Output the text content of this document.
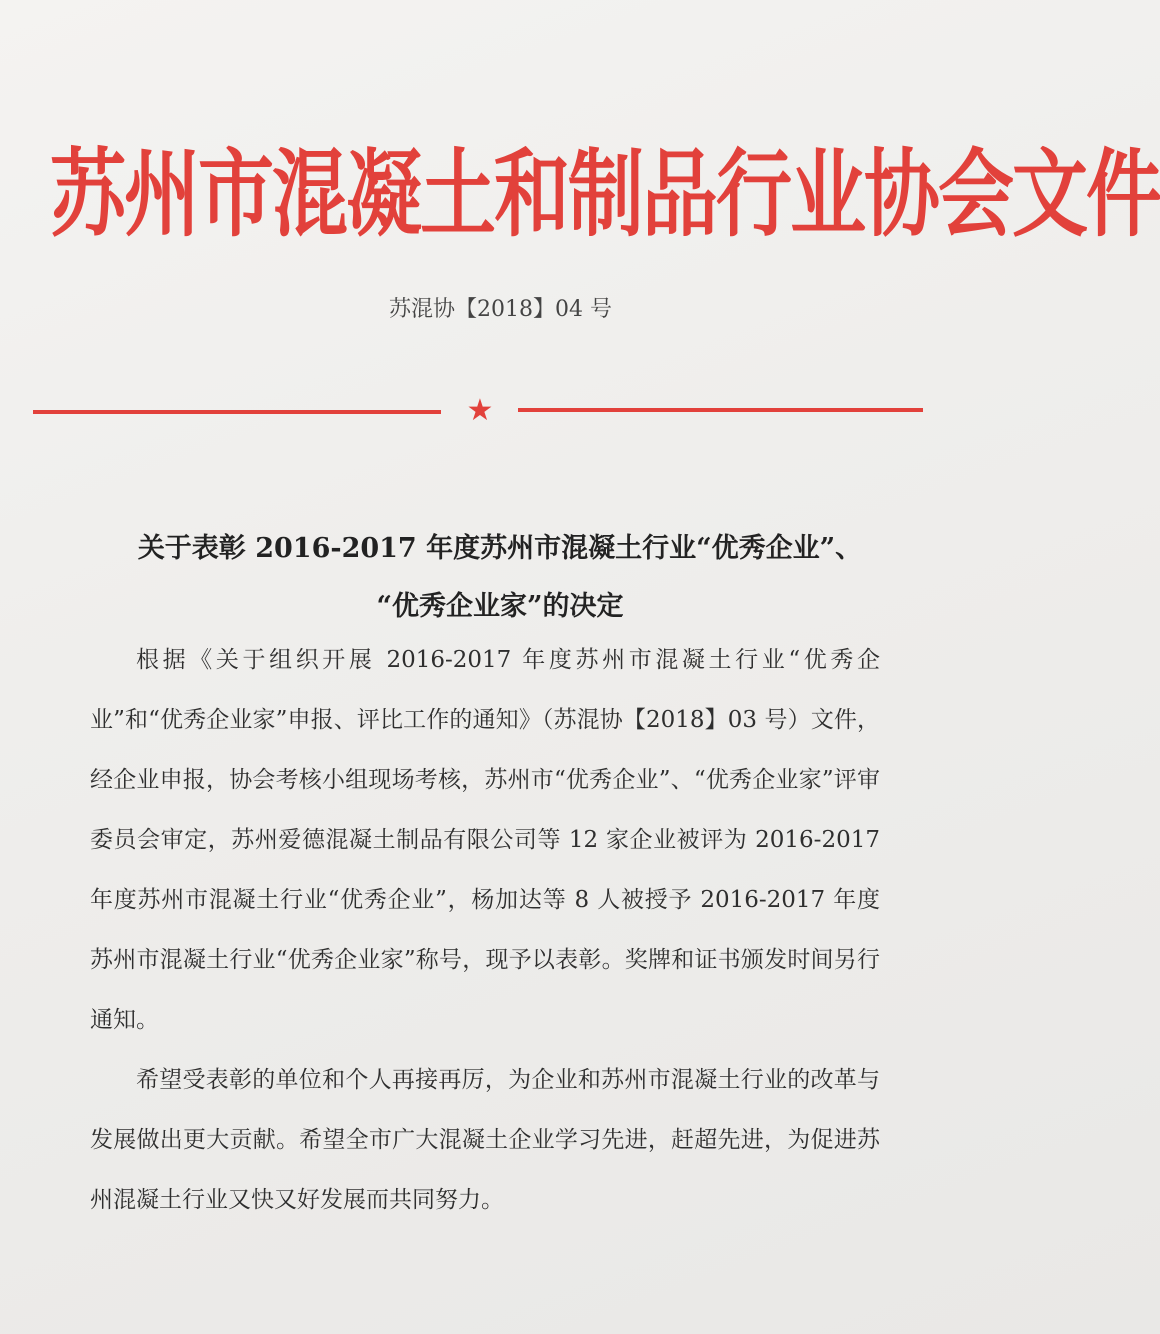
苏州市混凝土和制品行业协会文件
苏混协【2018】04 号
★
关于表彰 2016-2017 年度苏州市混凝土行业“优秀企业”、
“优秀企业家”的决定

根据《关于组织开展 2016-2017 年度苏州市混凝土行业“优秀企业”和“优秀企业家”申报、评比工作的通知》（苏混协【2018】03 号）文件，经企业申报，协会考核小组现场考核，苏州市“优秀企业”、“优秀企业家”评审委员会审定，苏州爱德混凝土制品有限公司等 12 家企业被评为 2016-2017 年度苏州市混凝土行业“优秀企业”，杨加达等 8 人被授予 2016-2017 年度苏州市混凝土行业“优秀企业家”称号，现予以表彰。奖牌和证书颁发时间另行通知。

希望受表彰的单位和个人再接再厉，为企业和苏州市混凝土行业的改革与发展做出更大贡献。希望全市广大混凝土企业学习先进，赶超先进，为促进苏州混凝土行业又快又好发展而共同努力。
